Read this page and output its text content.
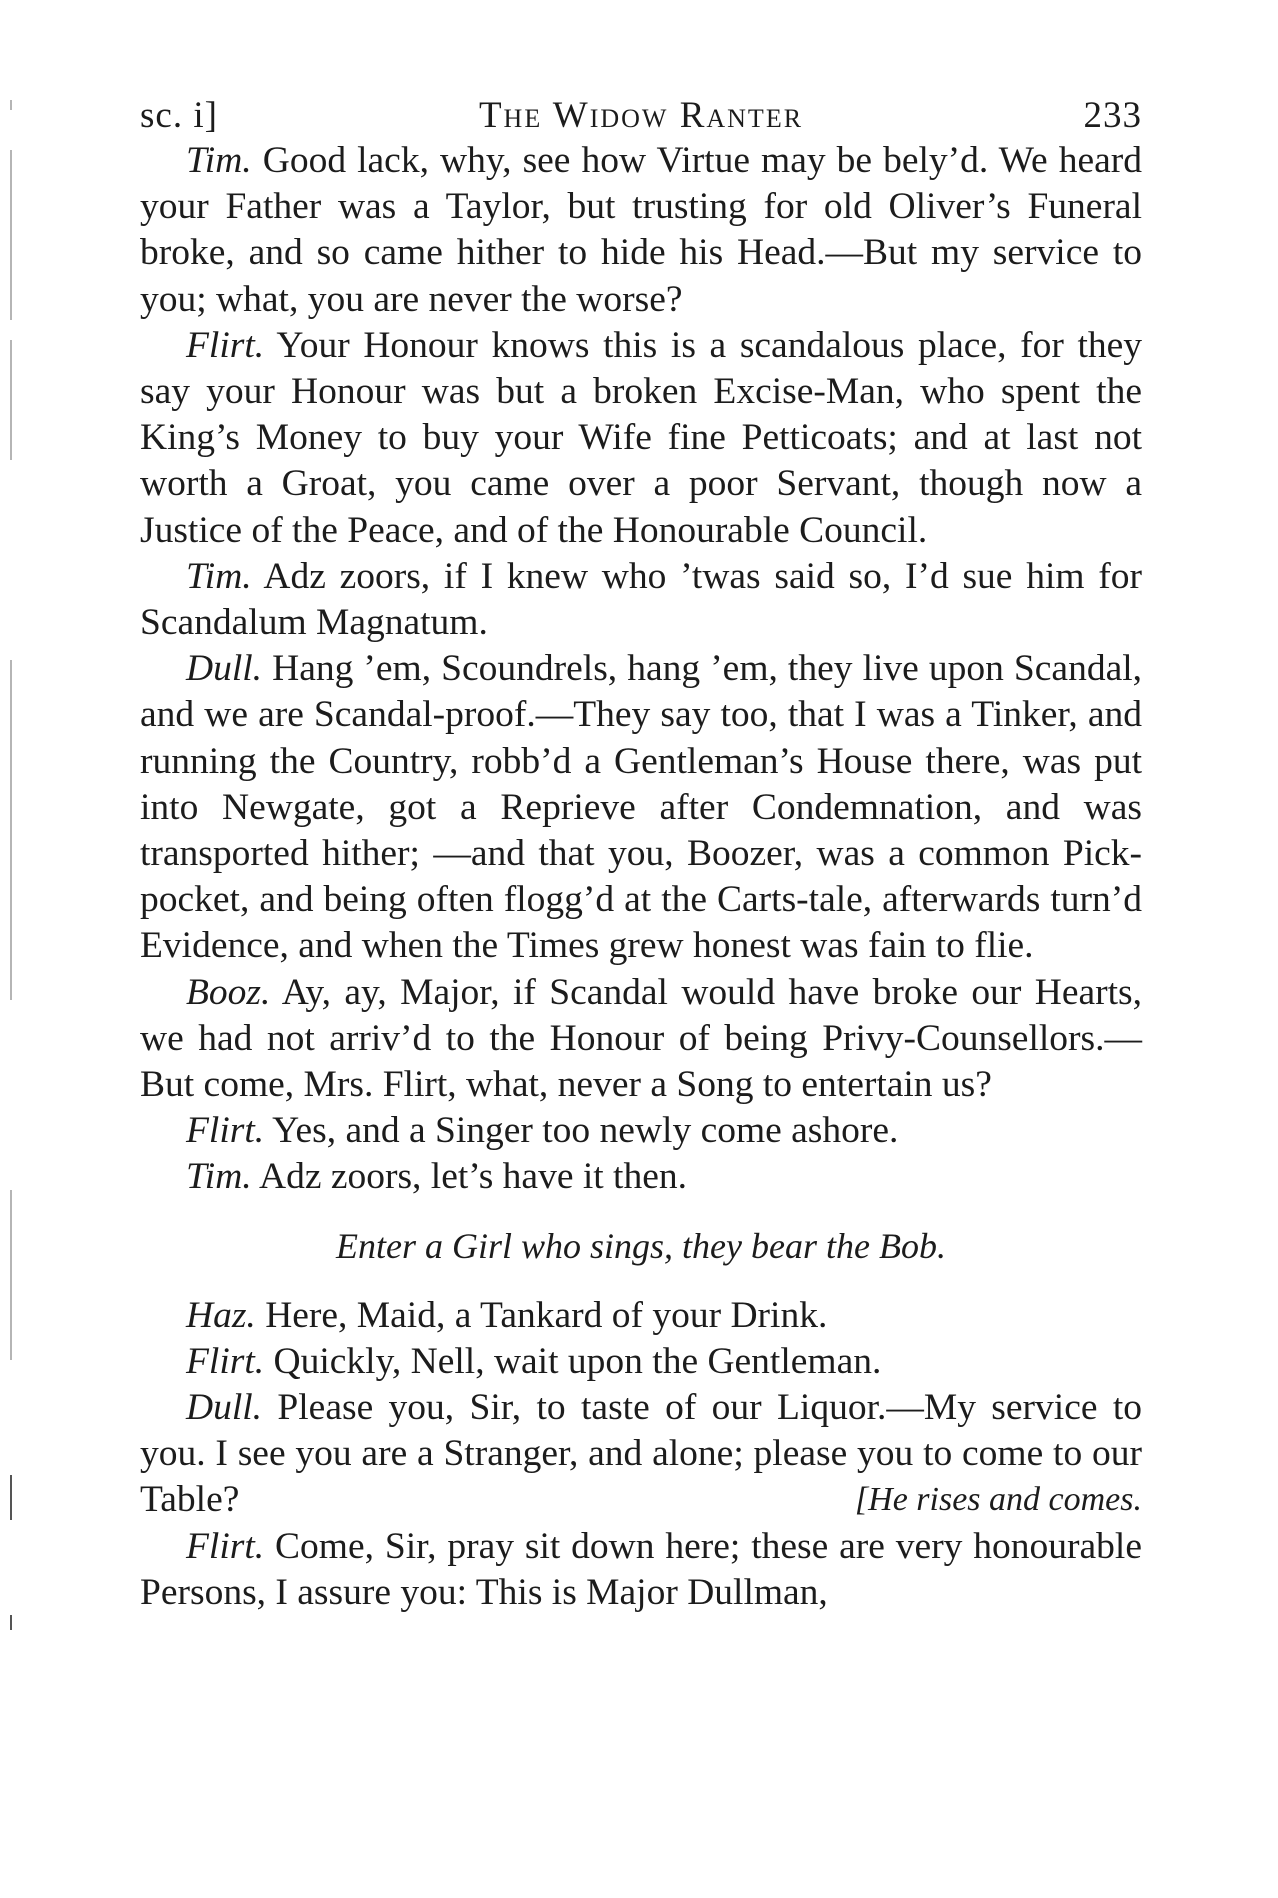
sc. i]	The Widow Ranter	233

Tim. Good lack, why, see how Virtue may be bely’d. We heard your Father was a Taylor, but trusting for old Oliver’s Funeral broke, and so came hither to hide his Head.—But my service to you; what, you are never the worse?

Flirt. Your Honour knows this is a scandalous place, for they say your Honour was but a broken Excise-Man, who spent the King’s Money to buy your Wife fine Petticoats; and at last not worth a Groat, you came over a poor Servant, though now a Justice of the Peace, and of the Honourable Council.

Tim. Adz zoors, if I knew who ’twas said so, I’d sue him for Scandalum Magnatum.

Dull. Hang ’em, Scoundrels, hang ’em, they live upon Scandal, and we are Scandal-proof.—They say too, that I was a Tinker, and running the Country, robb’d a Gentleman’s House there, was put into Newgate, got a Reprieve after Condemnation, and was transported hither; —and that you, Boozer, was a common Pick-pocket, and being often flogg’d at the Carts-tale, afterwards turn’d Evidence, and when the Times grew honest was fain to flie.

Booz. Ay, ay, Major, if Scandal would have broke our Hearts, we had not arriv’d to the Honour of being Privy-Counsellors.—But come, Mrs. Flirt, what, never a Song to entertain us?

Flirt. Yes, and a Singer too newly come ashore.

Tim. Adz zoors, let’s have it then.

Enter a Girl who sings, they bear the Bob.

Haz. Here, Maid, a Tankard of your Drink.

Flirt. Quickly, Nell, wait upon the Gentleman.

Dull. Please you, Sir, to taste of our Liquor.—My service to you. I see you are a Stranger, and alone; please you to come to our Table?	[He rises and comes.

Flirt. Come, Sir, pray sit down here; these are very honourable Persons, I assure you: This is Major Dullman,
